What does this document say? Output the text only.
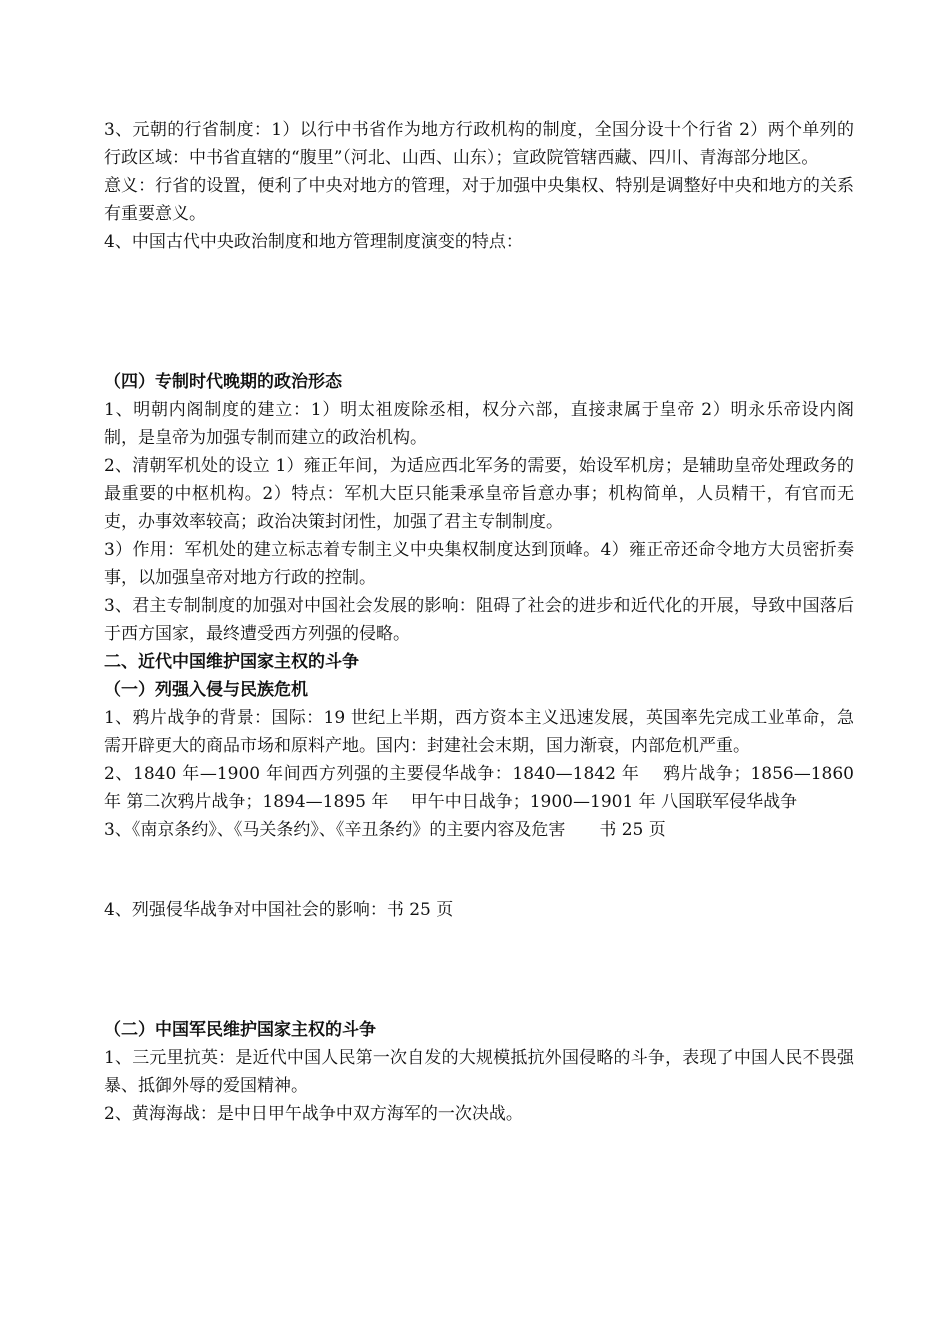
3、元朝的行省制度：1）以行中书省作为地方行政机构的制度，全国分设十个行省 2）两个单列的行政区域：中书省直辖的“腹里”（河北、山西、山东）；宣政院管辖西藏、四川、青海部分地区。

意义：行省的设置，便利了中央对地方的管理，对于加强中央集权、特别是调整好中央和地方的关系有重要意义。

4、中国古代中央政治制度和地方管理制度演变的特点：

（四）专制时代晚期的政治形态

1、明朝内阁制度的建立：1）明太祖废除丞相，权分六部，直接隶属于皇帝 2）明永乐帝设内阁制，是皇帝为加强专制而建立的政治机构。

2、清朝军机处的设立 1）雍正年间，为适应西北军务的需要，始设军机房；是辅助皇帝处理政务的最重要的中枢机构。2）特点：军机大臣只能秉承皇帝旨意办事；机构简单，人员精干，有官而无吏，办事效率较高；政治决策封闭性，加强了君主专制制度。

3）作用：军机处的建立标志着专制主义中央集权制度达到顶峰。4）雍正帝还命令地方大员密折奏事，以加强皇帝对地方行政的控制。

3、君主专制制度的加强对中国社会发展的影响：阻碍了社会的进步和近代化的开展，导致中国落后于西方国家，最终遭受西方列强的侵略。

二、近代中国维护国家主权的斗争
（一）列强入侵与民族危机

1、鸦片战争的背景：国际：19 世纪上半期，西方资本主义迅速发展，英国率先完成工业革命，急需开辟更大的商品市场和原料产地。国内：封建社会末期，国力渐衰，内部危机严重。

2、1840 年—1900 年间西方列强的主要侵华战争：1840—1842 年　 鸦片战争；1856—1860 年 第二次鸦片战争；1894—1895 年　 甲午中日战争；1900—1901 年 八国联军侵华战争

3、《南京条约》、《马关条约》、《辛丑条约》的主要内容及危害　　书 25 页

4、列强侵华战争对中国社会的影响：书 25 页

（二）中国军民维护国家主权的斗争

1、三元里抗英：是近代中国人民第一次自发的大规模抵抗外国侵略的斗争，表现了中国人民不畏强暴、抵御外辱的爱国精神。

2、黄海海战：是中日甲午战争中双方海军的一次决战。
